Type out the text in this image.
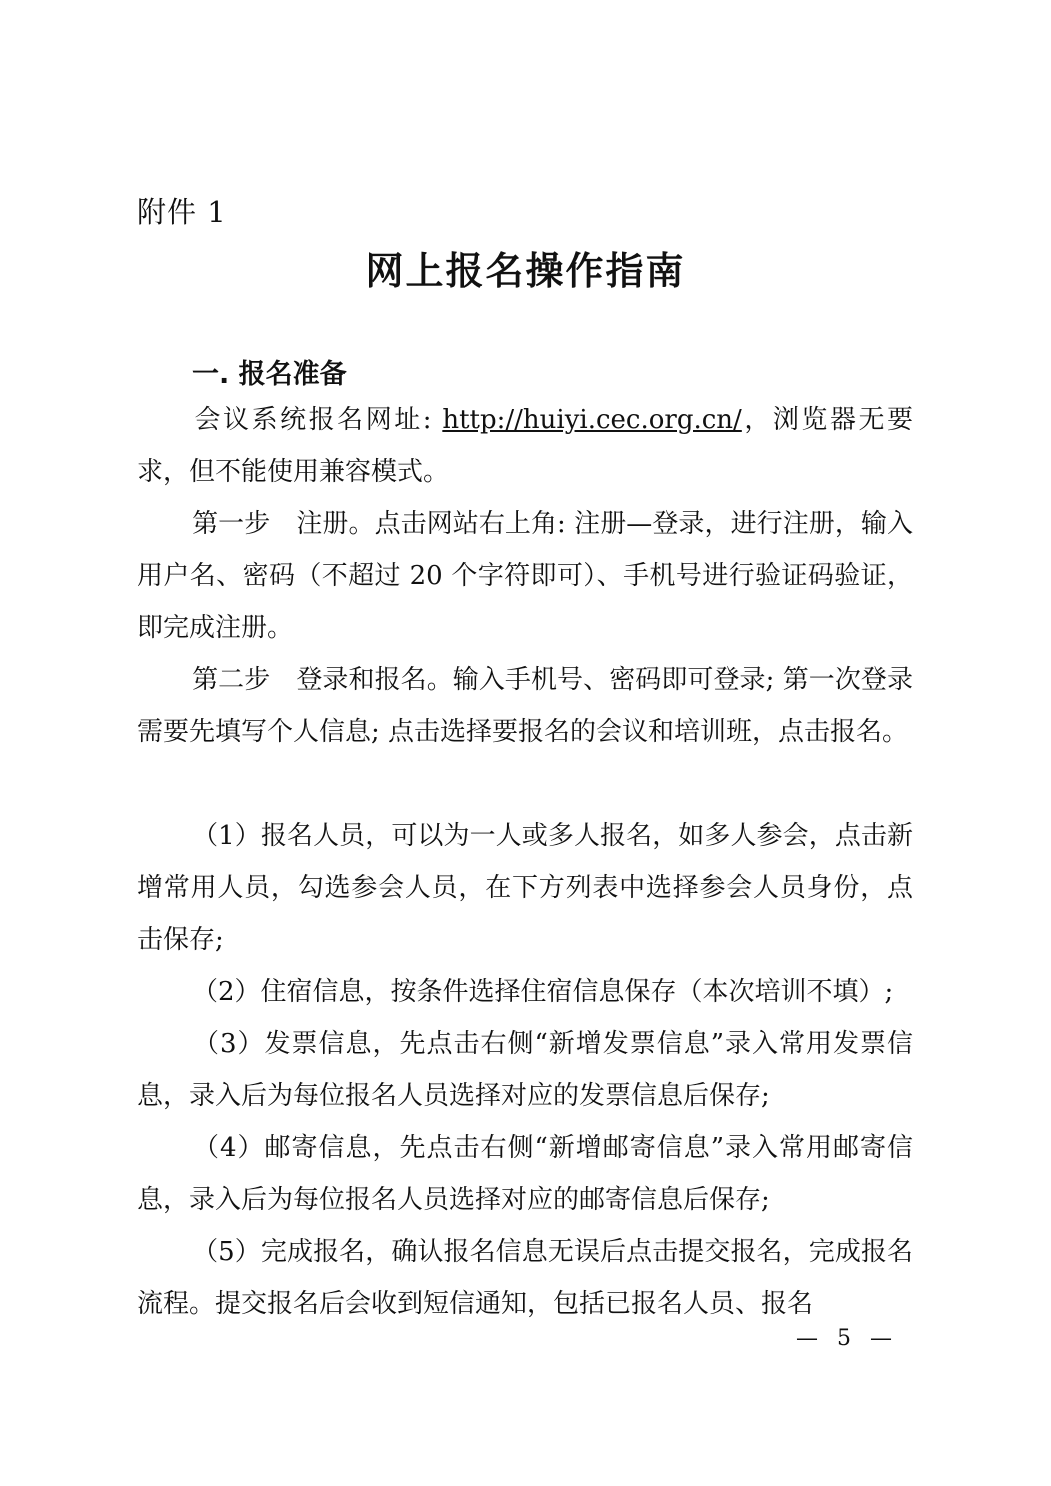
附件 1
网上报名操作指南
一. 报名准备
会议系统报名网址: http://huiyi.cec.org.cn/，浏览器无要求，但不能使用兼容模式。
第一步　注册。点击网站右上角: 注册—登录，进行注册，输入用户名、密码（不超过 20 个字符即可）、手机号进行验证码验证，即完成注册。
第二步　登录和报名。输入手机号、密码即可登录; 第一次登录需要先填写个人信息; 点击选择要报名的会议和培训班，点击报名。
（1）报名人员，可以为一人或多人报名，如多人参会，点击新增常用人员，勾选参会人员，在下方列表中选择参会人员身份，点击保存;
（2）住宿信息，按条件选择住宿信息保存（本次培训不填）;
（3）发票信息，先点击右侧“新增发票信息”录入常用发票信息，录入后为每位报名人员选择对应的发票信息后保存;
（4）邮寄信息，先点击右侧“新增邮寄信息”录入常用邮寄信息，录入后为每位报名人员选择对应的邮寄信息后保存;
（5）完成报名，确认报名信息无误后点击提交报名，完成报名流程。提交报名后会收到短信通知，包括已报名人员、报名
— 5 —
